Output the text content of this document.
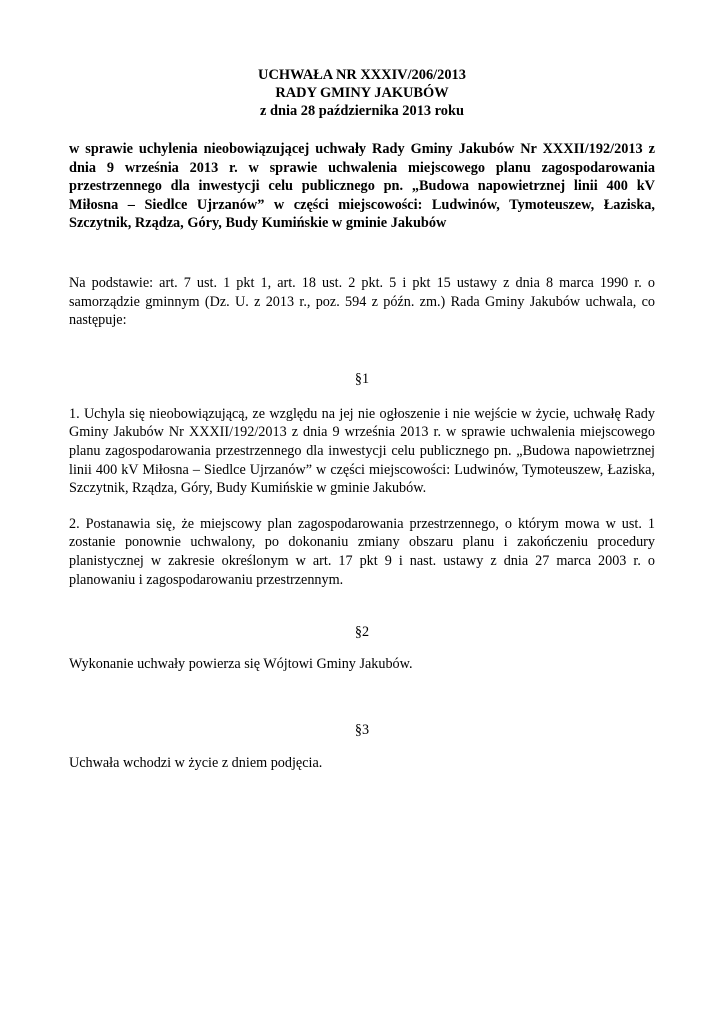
UCHWAŁA NR XXXIV/206/2013
RADY GMINY JAKUBÓW
z dnia 28 października 2013 roku
w sprawie uchylenia nieobowiązującej uchwały Rady Gminy Jakubów Nr XXXII/192/2013 z dnia 9 września 2013 r. w sprawie uchwalenia miejscowego planu zagospodarowania przestrzennego dla inwestycji celu publicznego pn. „Budowa napowietrznej linii 400 kV Miłosna – Siedlce Ujrzanów” w części miejscowości: Ludwinów, Tymoteuszew, Łaziska, Szczytnik, Rządza, Góry, Budy Kumińskie w gminie Jakubów
Na podstawie: art. 7 ust. 1 pkt 1, art. 18 ust. 2 pkt. 5 i pkt 15 ustawy z dnia 8 marca 1990 r. o samorządzie gminnym (Dz. U. z 2013 r., poz. 594 z późn. zm.) Rada Gminy Jakubów uchwala, co następuje:
§1
1. Uchyla się nieobowiązującą, ze względu na jej nie ogłoszenie i nie wejście w życie, uchwałę Rady Gminy Jakubów Nr XXXII/192/2013 z dnia 9 września 2013 r. w sprawie uchwalenia miejscowego planu zagospodarowania przestrzennego dla inwestycji celu publicznego pn. „Budowa napowietrznej linii 400 kV Miłosna – Siedlce Ujrzanów” w części miejscowości: Ludwinów, Tymoteuszew, Łaziska, Szczytnik, Rządza, Góry, Budy Kumińskie w gminie Jakubów.
2. Postanawia się, że miejscowy plan zagospodarowania przestrzennego, o którym mowa w ust. 1 zostanie ponownie uchwalony, po dokonaniu zmiany obszaru planu i zakończeniu procedury planistycznej w zakresie określonym w art. 17 pkt 9 i nast. ustawy z dnia 27 marca 2003 r. o planowaniu i zagospodarowaniu przestrzennym.
§2
Wykonanie uchwały powierza się Wójtowi Gminy Jakubów.
§3
Uchwała wchodzi w życie z dniem podjęcia.
